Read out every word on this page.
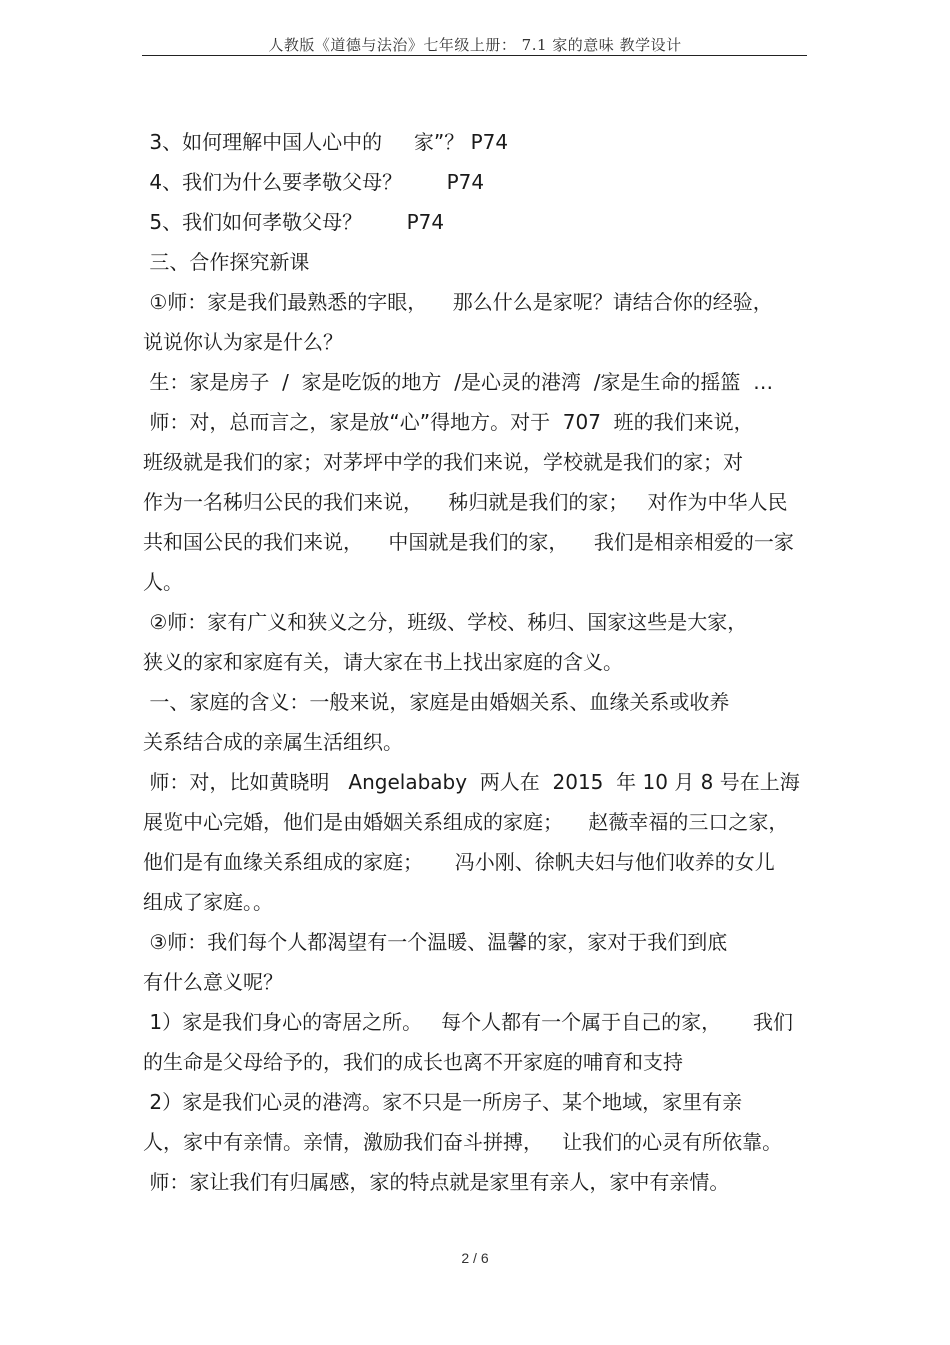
人教版《道德与法治》七年级上册： 7.1 家的意味 教学设计
3、如何理解中国人心中的     家”？ P74
4、我们为什么要孝敬父母？       P74
5、我们如何孝敬父母？       P74
三、合作探究新课
①师：家是我们最熟悉的字眼，    那么什么是家呢？请结合你的经验，
说说你认为家是什么？
生：家是房子  /  家是吃饭的地方  /是心灵的港湾  /家是生命的摇篮  …
师：对，总而言之，家是放“心”得地方。对于  707  班的我们来说，
班级就是我们的家；对茅坪中学的我们来说，学校就是我们的家；对
作为一名秭归公民的我们来说，    秭归就是我们的家；   对作为中华人民
共和国公民的我们来说，    中国就是我们的家，    我们是相亲相爱的一家
人。
②师：家有广义和狭义之分，班级、学校、秭归、国家这些是大家，
狭义的家和家庭有关，请大家在书上找出家庭的含义。
一、家庭的含义：一般来说，家庭是由婚姻关系、血缘关系或收养
关系结合成的亲属生活组织。
师：对，比如黄晓明   Angelababy  两人在  2015  年 10 月 8 号在上海
展览中心完婚，他们是由婚姻关系组成的家庭；    赵薇幸福的三口之家，
他们是有血缘关系组成的家庭；     冯小刚、徐帆夫妇与他们收养的女儿
组成了家庭。。
③师：我们每个人都渴望有一个温暖、温馨的家，家对于我们到底
有什么意义呢？
1）家是我们身心的寄居之所。   每个人都有一个属于自己的家，     我们
的生命是父母给予的，我们的成长也离不开家庭的哺育和支持
2）家是我们心灵的港湾。家不只是一所房子、某个地域，家里有亲
人，家中有亲情。亲情，激励我们奋斗拼搏，   让我们的心灵有所依靠。
师：家让我们有归属感，家的特点就是家里有亲人，家中有亲情。
2 / 6
